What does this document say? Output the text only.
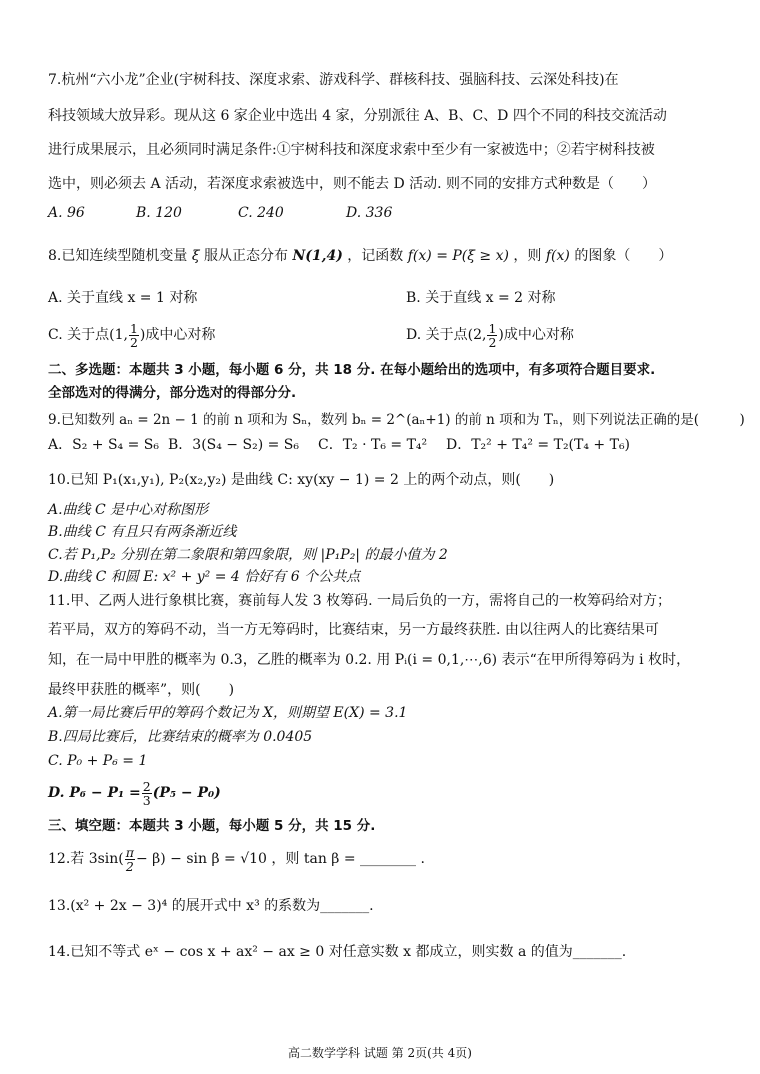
7.杭州“六小龙”企业(宇树科技、深度求索、游戏科学、群核科技、强脑科技、云深处科技)在
科技领域大放异彩。现从这 6 家企业中选出 4 家，分别派往 A、B、C、D 四个不同的科技交流活动
进行成果展示，且必须同时满足条件:①宇树科技和深度求索中至少有一家被选中；②若宇树科技被
选中，则必须去 A 活动，若深度求索被选中，则不能去 D 活动. 则不同的安排方式种数是（　　）
A. 96	B. 120	C. 240	D. 336
8.已知连续型随机变量 ξ 服从正态分布 N(1,4) ，记函数 f(x) = P(ξ ≥ x) ，则 f(x) 的图象（　　）
A. 关于直线 x = 1 对称	B. 关于直线 x = 2 对称
C. 关于点(1, $\frac{1}{2}$ )成中心对称	D. 关于点(2, $\frac{1}{2}$ )成中心对称
二、多选题：本题共 3 小题，每小题 6 分，共 18 分. 在每小题给出的选项中，有多项符合题目要求.
全部选对的得满分，部分选对的得部分分.
9.已知数列 aₙ = 2n − 1 的前 n 项和为 Sₙ，数列 bₙ = 2^(aₙ+1) 的前 n 项和为 Tₙ，则下列说法正确的是(　　　)
A．S₂ + S₄ = S₆ B．3(S₄ − S₂) = S₆ C．T₂ · T₆ = T₄² D．T₂² + T₄² = T₂(T₄ + T₆)
10.已知 P₁(x₁,y₁), P₂(x₂,y₂) 是曲线 C: xy(xy − 1) = 2 上的两个动点，则(　　)
A.曲线 C 是中心对称图形
B.曲线 C 有且只有两条渐近线
C.若 P₁,P₂ 分别在第二象限和第四象限，则 |P₁P₂| 的最小值为 2
D.曲线 C 和圆 E: x² + y² = 4 恰好有 6 个公共点
11.甲、乙两人进行象棋比赛，赛前每人发 3 枚筹码. 一局后负的一方，需将自己的一枚筹码给对方；
若平局，双方的筹码不动，当一方无筹码时，比赛结束，另一方最终获胜. 由以往两人的比赛结果可
知，在一局中甲胜的概率为 0.3，乙胜的概率为 0.2. 用 Pᵢ(i = 0,1,⋯,6) 表示“在甲所得筹码为 i 枚时，
最终甲获胜的概率”，则(　　)
A.第一局比赛后甲的筹码个数记为 X，则期望 E(X) = 3.1
B.四局比赛后，比赛结束的概率为 0.0405
C. P₀ + P₆ = 1
D. $P_6 - P_1 = \frac{2}{3} (P_5 - P_0)$
三、填空题：本题共 3 小题，每小题 5 分，共 15 分.
12.若 $3\sin( \frac{\pi}{2} - \beta) - \sin \beta = √10$ ，则 tan β = ________ .
13.(x² + 2x − 3)⁴ 的展开式中 x³ 的系数为_______.
14.已知不等式 eˣ − cos x + ax² − ax ≥ 0 对任意实数 x 都成立，则实数 a 的值为_______.
高二数学学科 试题 第 2页(共 4页)
